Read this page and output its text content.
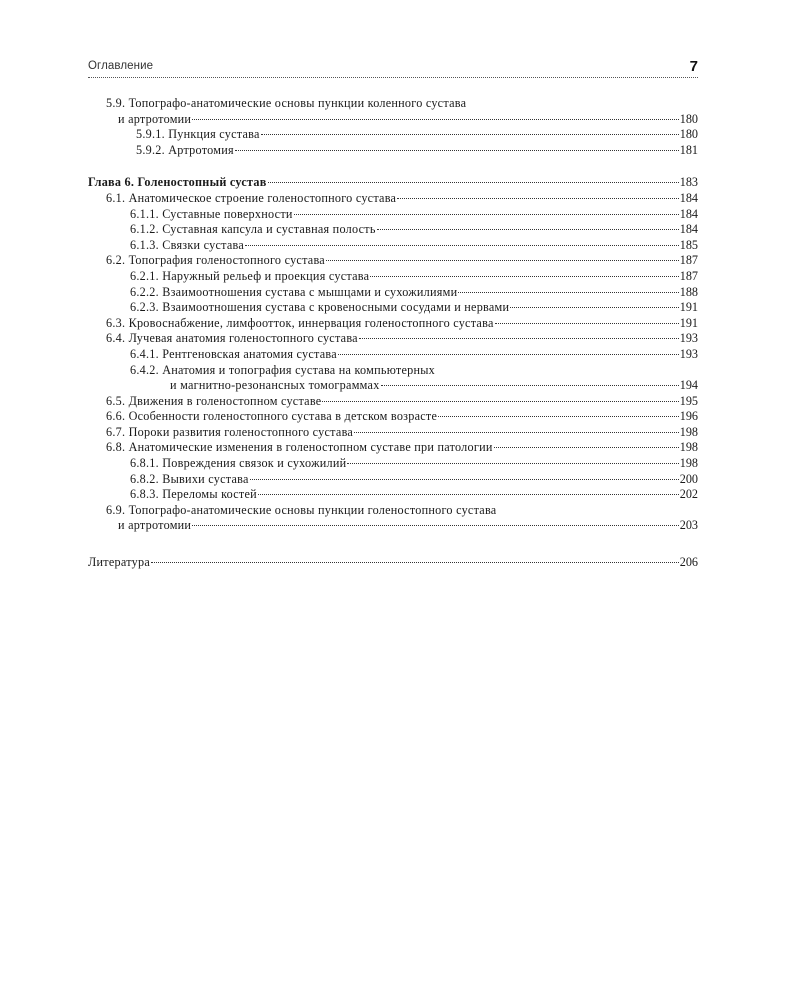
Оглавление	7
5.9. Топографо-анатомические основы пункции коленного сустава
и артротомии	180
5.9.1. Пункция сустава	180
5.9.2. Артротомия	181
Глава 6. Голеностопный сустав	183
6.1. Анатомическое строение голеностопного сустава	184
6.1.1. Суставные поверхности	184
6.1.2. Суставная капсула и суставная полость	184
6.1.3. Связки сустава	185
6.2. Топография голеностопного сустава	187
6.2.1. Наружный рельеф и проекция сустава	187
6.2.2. Взаимоотношения сустава с мышцами и сухожилиями	188
6.2.3. Взаимоотношения сустава с кровеносными сосудами и нервами	191
6.3. Кровоснабжение, лимфоотток, иннервация голеностопного сустава	191
6.4. Лучевая анатомия голеностопного сустава	193
6.4.1. Рентгеновская анатомия сустава	193
6.4.2. Анатомия и топография сустава на компьютерных
и магнитно-резонансных томограммах	194
6.5. Движения в голеностопном суставе	195
6.6. Особенности голеностопного сустава в детском возрасте	196
6.7. Пороки развития голеностопного сустава	198
6.8. Анатомические изменения в голеностопном суставе при патологии	198
6.8.1. Повреждения связок и сухожилий	198
6.8.2. Вывихи сустава	200
6.8.3. Переломы костей	202
6.9. Топографо-анатомические основы пункции голеностопного сустава
и артротомии	203
Литература	206
